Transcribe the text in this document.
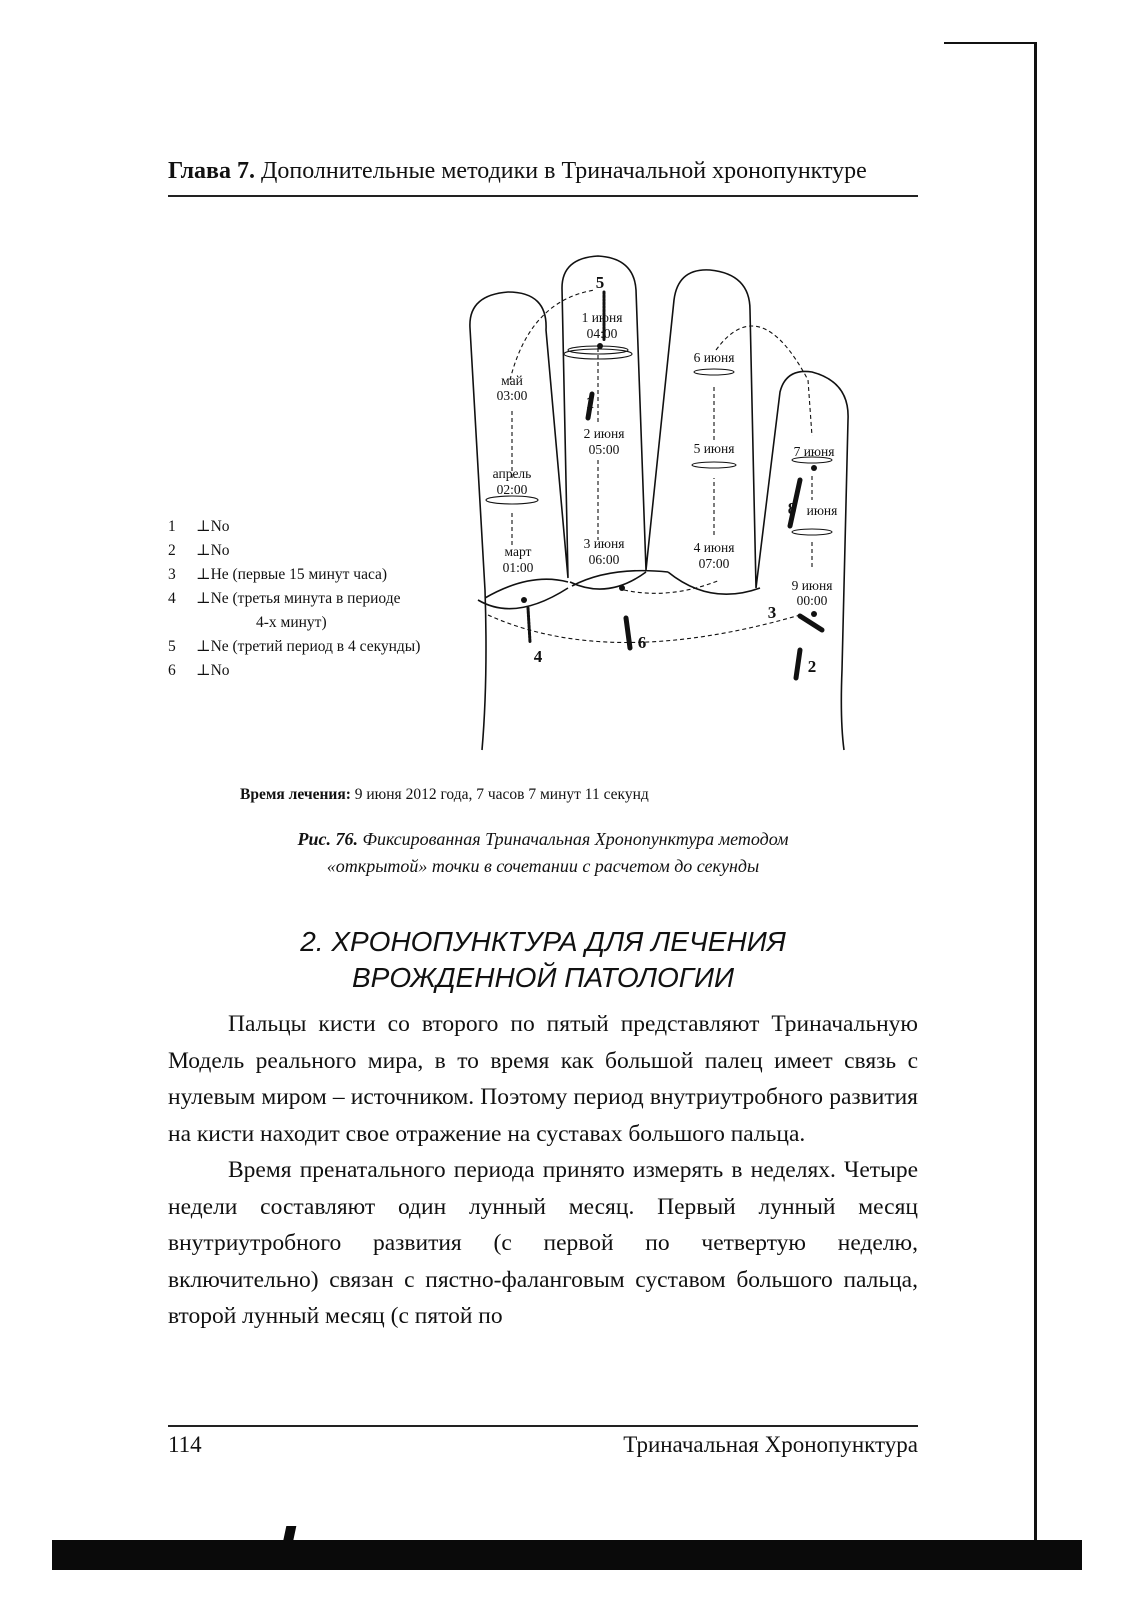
Глава 7. Дополнительные методики в Триначальной хронопунктуре
1	⊥No
2	⊥No
3	⊥He (первые 15 минут часа)
4	⊥Ne (третья минута в периоде
4-х минут)
5	⊥Ne (третий период в 4 секунды)
6	⊥No
май
03:00
апрель
02:00
март
01:00
1 июня
04:00
2 июня
05:00
3 июня
06:00
4 июня
07:00
5 июня
6 июня
7 июня
июня
9 июня
00:00
1
2
3
4
5
6
8
Время лечения: 9 июня 2012 года, 7 часов 7 минут 11 секунд
Рис. 76. Фиксированная Триначальная Хронопунктура методом
«открытой» точки в сочетании с расчетом до секунды
2. ХРОНОПУНКТУРА ДЛЯ ЛЕЧЕНИЯ
ВРОЖДЕННОЙ ПАТОЛОГИИ

Пальцы кисти со второго по пятый представляют Триначальную Модель реального мира, в то время как большой палец имеет связь с нулевым миром – источником. Поэтому период внутриутробного развития на кисти находит свое отражение на суставах большого пальца.

Время пренатального периода принято измерять в неделях. Четыре недели составляют один лунный месяц. Первый лунный месяц внутриутробного развития (с первой по четвертую неделю, включительно) связан с пястно-фаланговым суставом большого пальца, второй лунный месяц (с пятой по

114	Триначальная Хронопунктура
